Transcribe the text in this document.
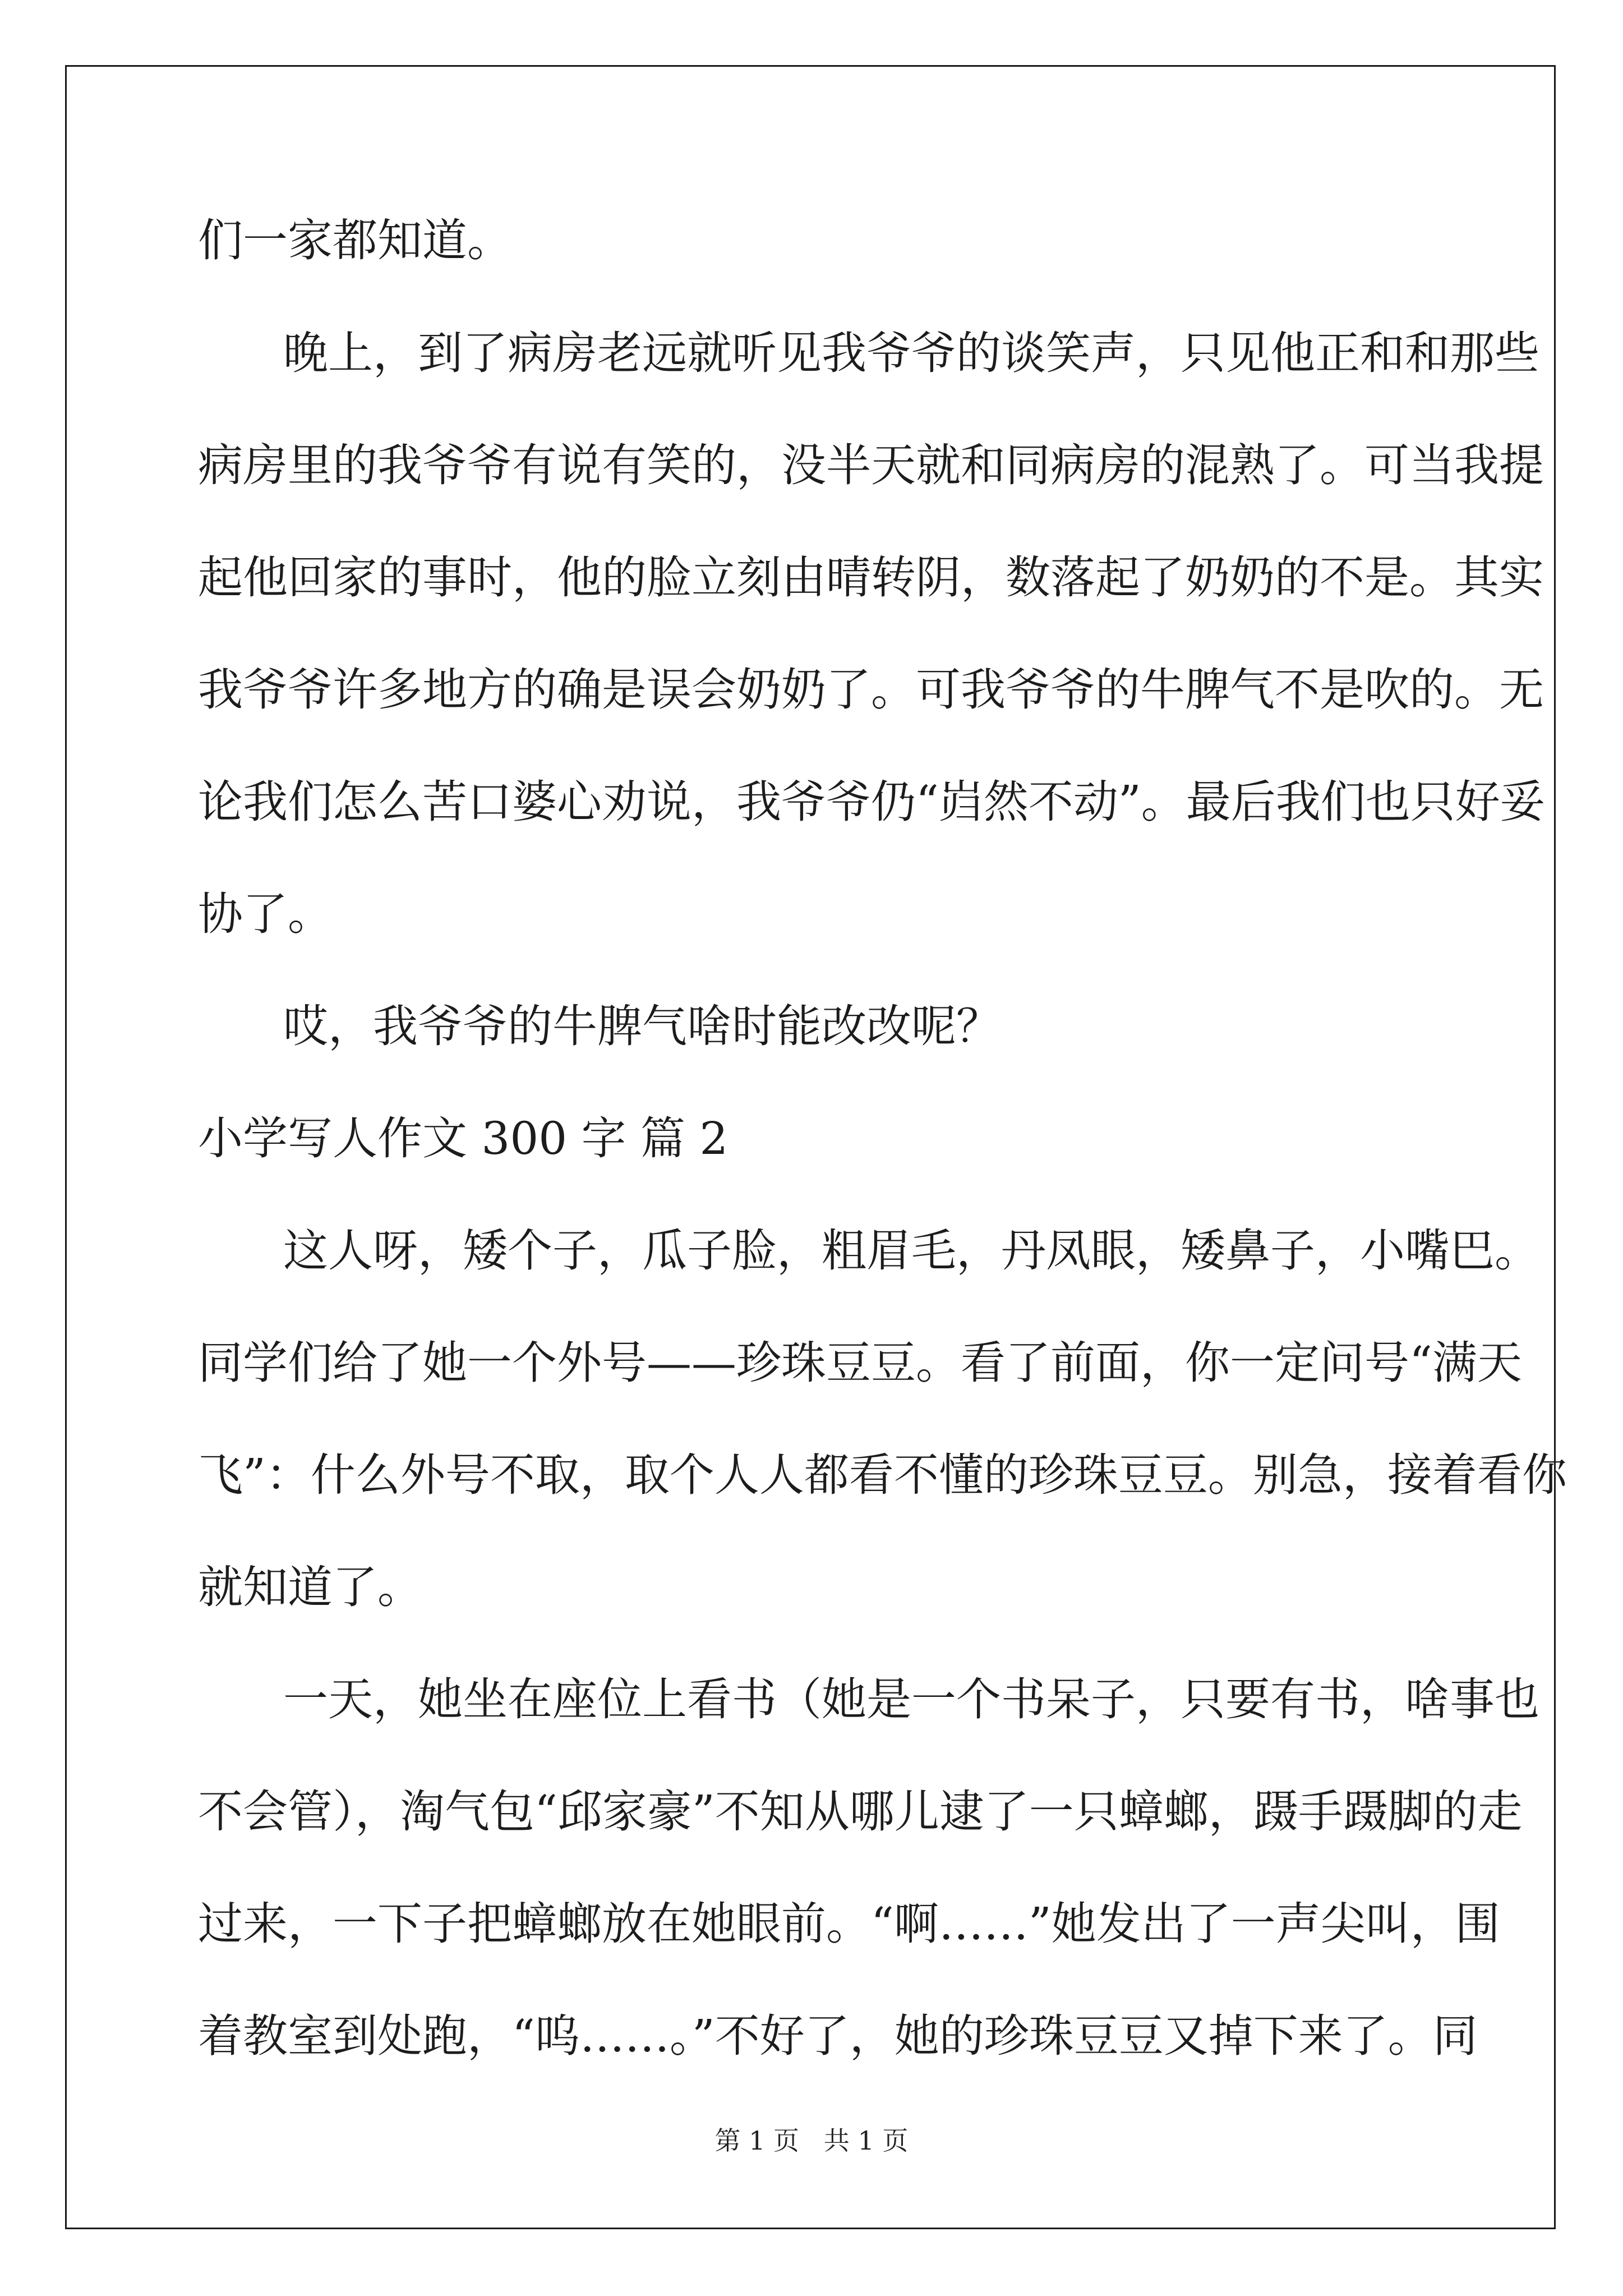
们一家都知道。

晚上，到了病房老远就听见我爷爷的谈笑声，只见他正和和那些

病房里的我爷爷有说有笑的，没半天就和同病房的混熟了。可当我提

起他回家的事时，他的脸立刻由晴转阴，数落起了奶奶的不是。其实

我爷爷许多地方的确是误会奶奶了。可我爷爷的牛脾气不是吹的。无

论我们怎么苦口婆心劝说，我爷爷仍“岿然不动”。最后我们也只好妥

协了。

哎，我爷爷的牛脾气啥时能改改呢？

小学写人作文 300 字 篇 2

这人呀，矮个子，瓜子脸，粗眉毛，丹凤眼，矮鼻子，小嘴巴。

同学们给了她一个外号——珍珠豆豆。看了前面，你一定问号“满天

飞”：什么外号不取，取个人人都看不懂的珍珠豆豆。别急，接着看你

就知道了。

一天，她坐在座位上看书（她是一个书呆子，只要有书，啥事也

不会管），淘气包“邱家豪”不知从哪儿逮了一只蟑螂，蹑手蹑脚的走

过来，一下子把蟑螂放在她眼前。“啊……”她发出了一声尖叫，围

着教室到处跑，“呜……。”不好了，她的珍珠豆豆又掉下来了。同

第 1 页   共 1 页
